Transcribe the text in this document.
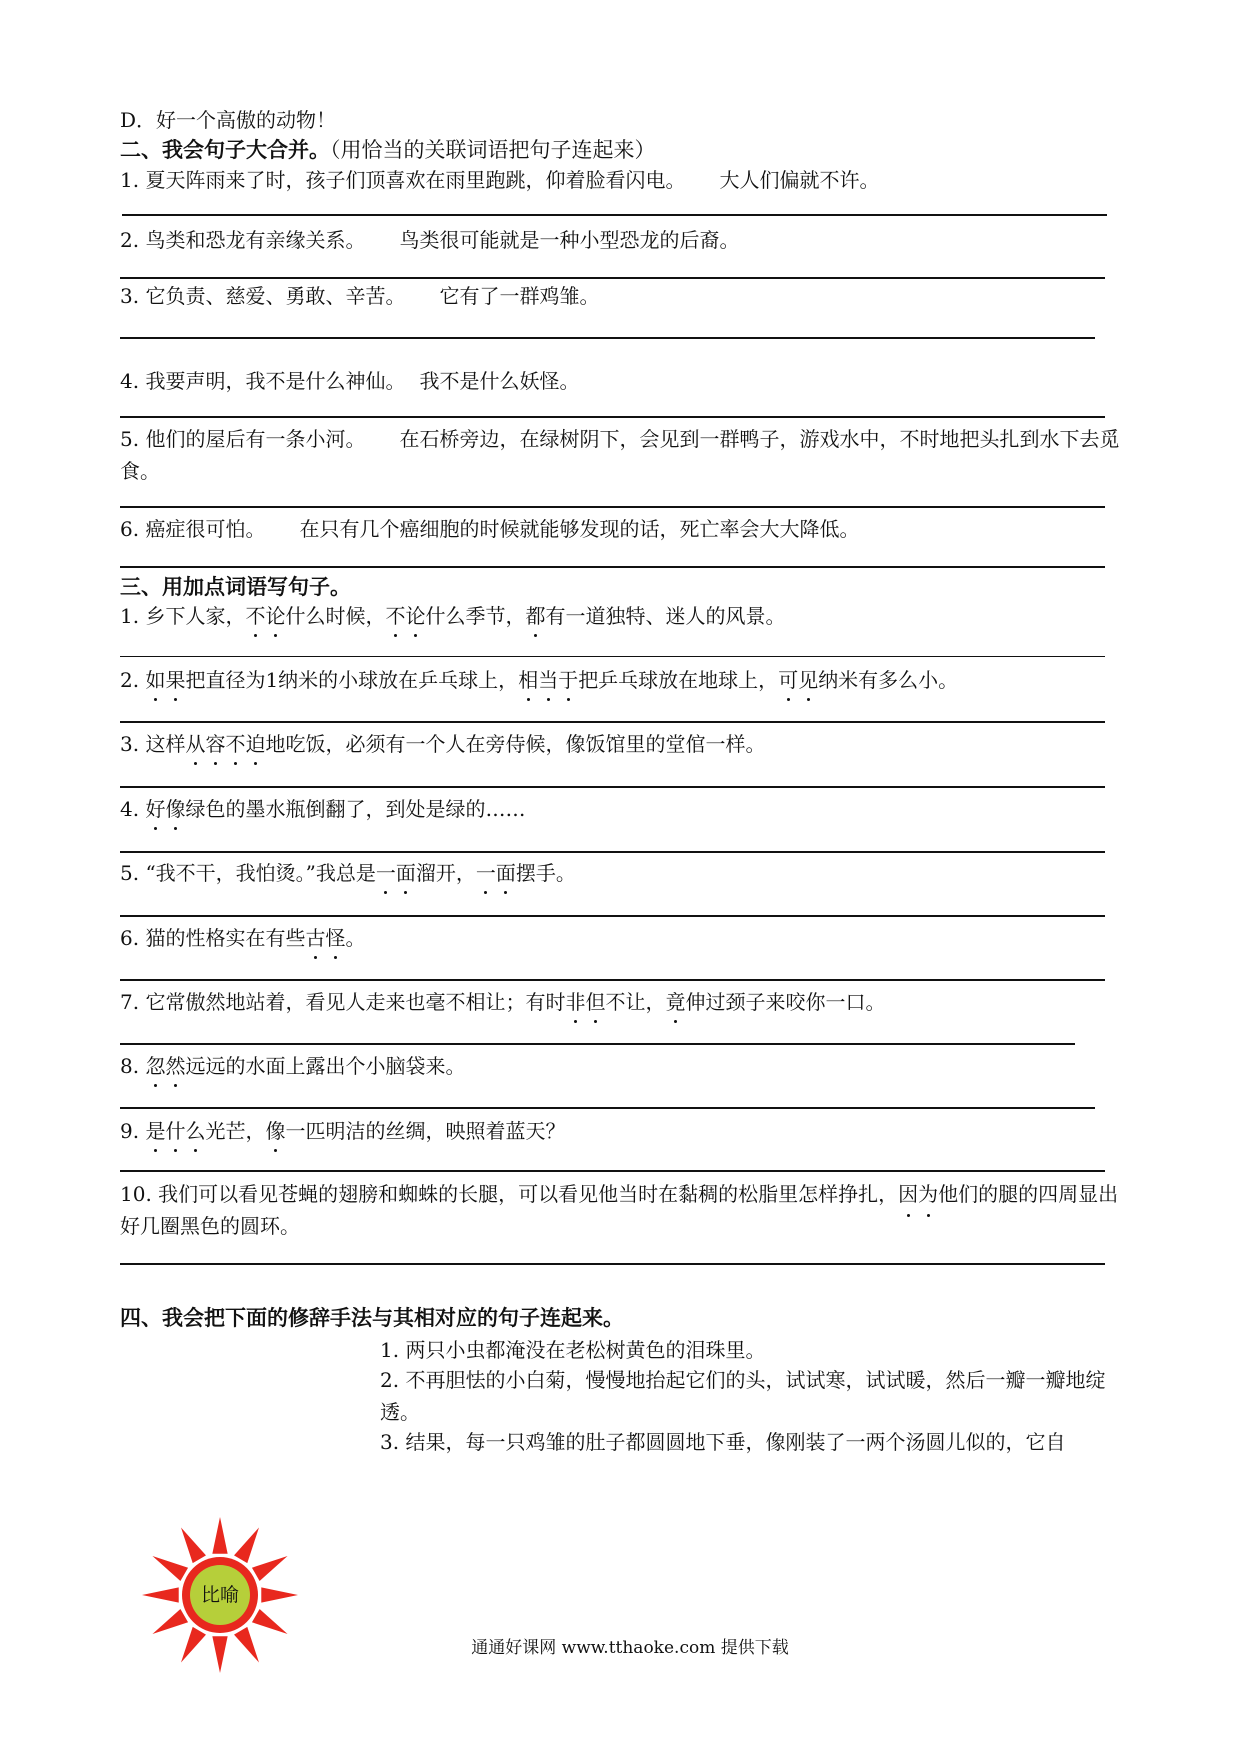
D．好一个高傲的动物！
二、我会句子大合并。（用恰当的关联词语把句子连起来）
1. 夏天阵雨来了时，孩子们顶喜欢在雨里跑跳，仰着脸看闪电。 大人们偏就不许。
2. 鸟类和恐龙有亲缘关系。 鸟类很可能就是一种小型恐龙的后裔。
3. 它负责、慈爱、勇敢、辛苦。 它有了一群鸡雏。
4. 我要声明，我不是什么神仙。 我不是什么妖怪。
5. 他们的屋后有一条小河。 在石桥旁边，在绿树阴下，会见到一群鸭子，游戏水中，不时地把头扎到水下去觅食。
6. 癌症很可怕。 在只有几个癌细胞的时候就能够发现的话，死亡率会大大降低。
三、用加点词语写句子。
1. 乡下人家，不论什么时候，不论什么季节，都有一道独特、迷人的风景。
2. 如果把直径为1纳米的小球放在乒乓球上，相当于把乒乓球放在地球上，可见纳米有多么小。
3. 这样从容不迫地吃饭，必须有一个人在旁侍候，像饭馆里的堂倌一样。
4. 好像绿色的墨水瓶倒翻了，到处是绿的……
5. “我不干，我怕烫。”我总是一面溜开，一面摆手。
6. 猫的性格实在有些古怪。
7. 它常傲然地站着，看见人走来也毫不相让；有时非但不让，竟伸过颈子来咬你一口。
8. 忽然远远的水面上露出个小脑袋来。
9. 是什么光芒，像一匹明洁的丝绸，映照着蓝天？
10. 我们可以看见苍蝇的翅膀和蜘蛛的长腿，可以看见他当时在黏稠的松脂里怎样挣扎，因为他们的腿的四周显出好几圈黑色的圆环。
四、我会把下面的修辞手法与其相对应的句子连起来。
1. 两只小虫都淹没在老松树黄色的泪珠里。
2. 不再胆怯的小白菊，慢慢地抬起它们的头，试试寒，试试暖，然后一瓣一瓣地绽透。
3. 结果，每一只鸡雏的肚子都圆圆地下垂，像刚装了一两个汤圆儿似的，它自
比喻
通通好课网 www.tthaoke.com 提供下载
